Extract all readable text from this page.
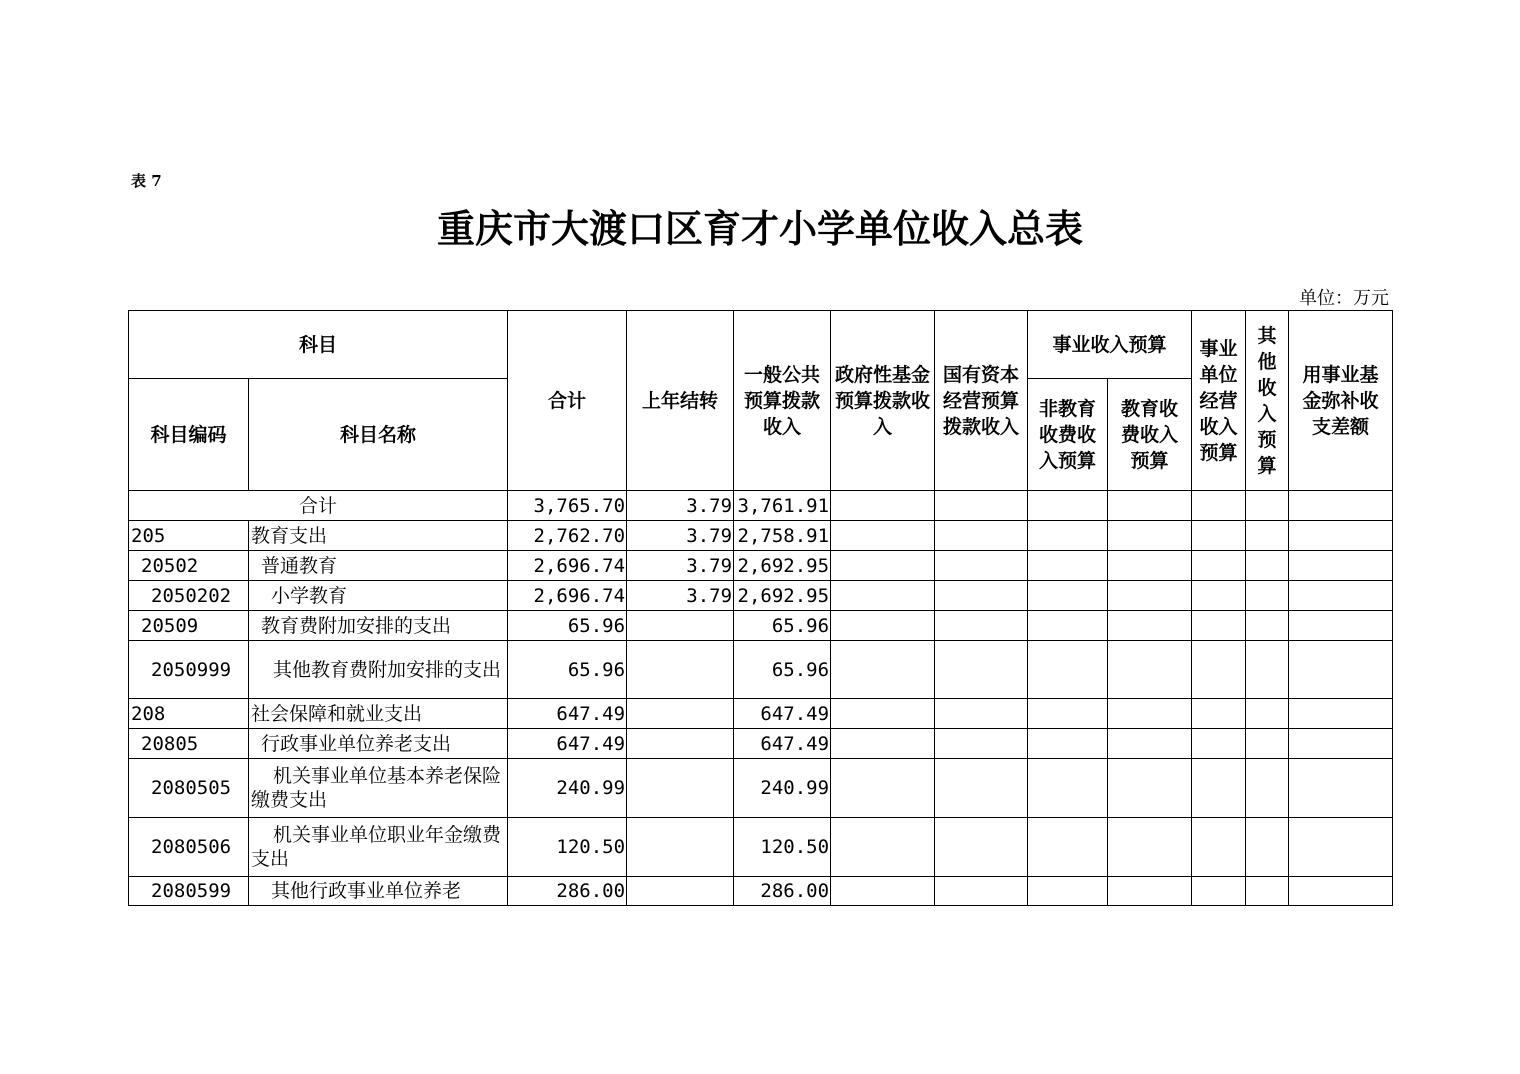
表 7
重庆市大渡口区育才小学单位收入总表
单位：万元
科目		合计	上年结转	一般公共预算拨款收入	政府性基金预算拨款收入	国有资本经营预算拨款收入	事业收入预算		事业单位经营收入预算	其他收入预算	用事业基金弥补收支差额
科目编码	科目名称						非教育收费收入预算	教育收费收入预算			
合计		3,765.70	3.79	3,761.91							
205	教育支出	2,762.70	3.79	2,758.91							
20502	普通教育	2,696.74	3.79	2,692.95							
2050202	小学教育	2,696.74	3.79	2,692.95							
20509	教育费附加安排的支出	65.96		65.96							
2050999	其他教育费附加安排的支出	65.96		65.96							
208	社会保障和就业支出	647.49		647.49							
20805	行政事业单位养老支出	647.49		647.49							
2080505	机关事业单位基本养老保险缴费支出	240.99		240.99							
2080506	机关事业单位职业年金缴费支出	120.50		120.50							
2080599	其他行政事业单位养老	286.00		286.00							
